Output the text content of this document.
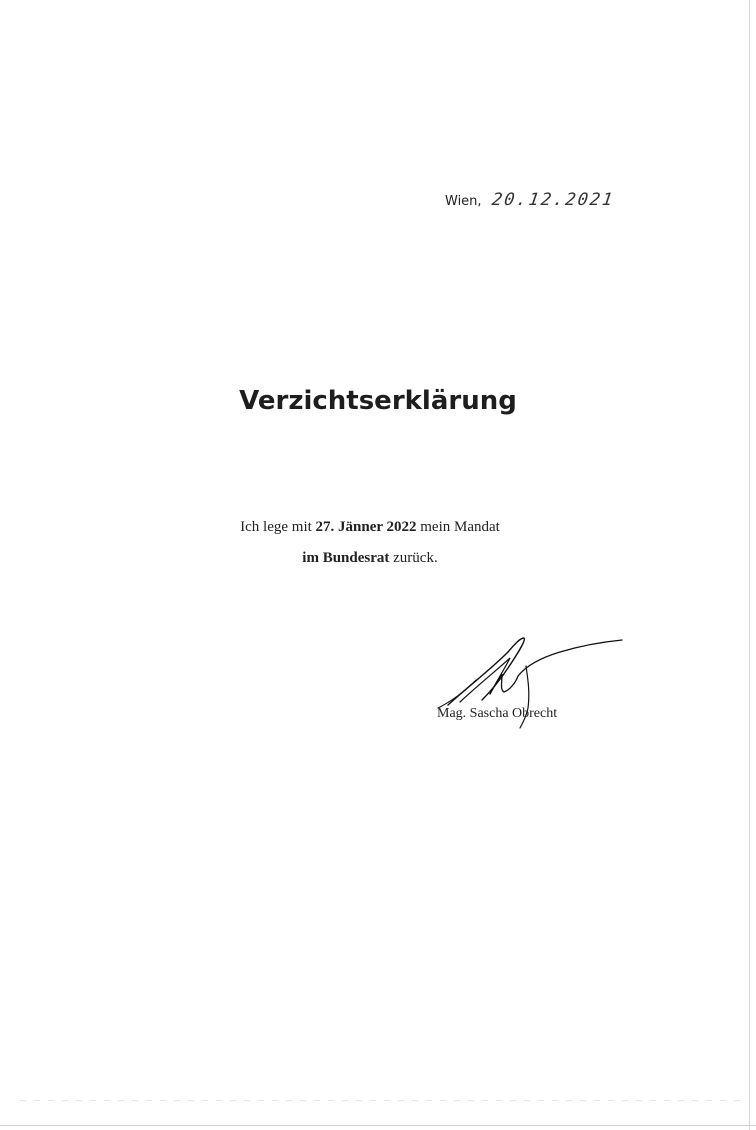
Wien, 20.12.2021
Verzichtserklärung
Ich lege mit 27. Jänner 2022 mein Mandat
im Bundesrat zurück.
Mag. Sascha Obrecht
